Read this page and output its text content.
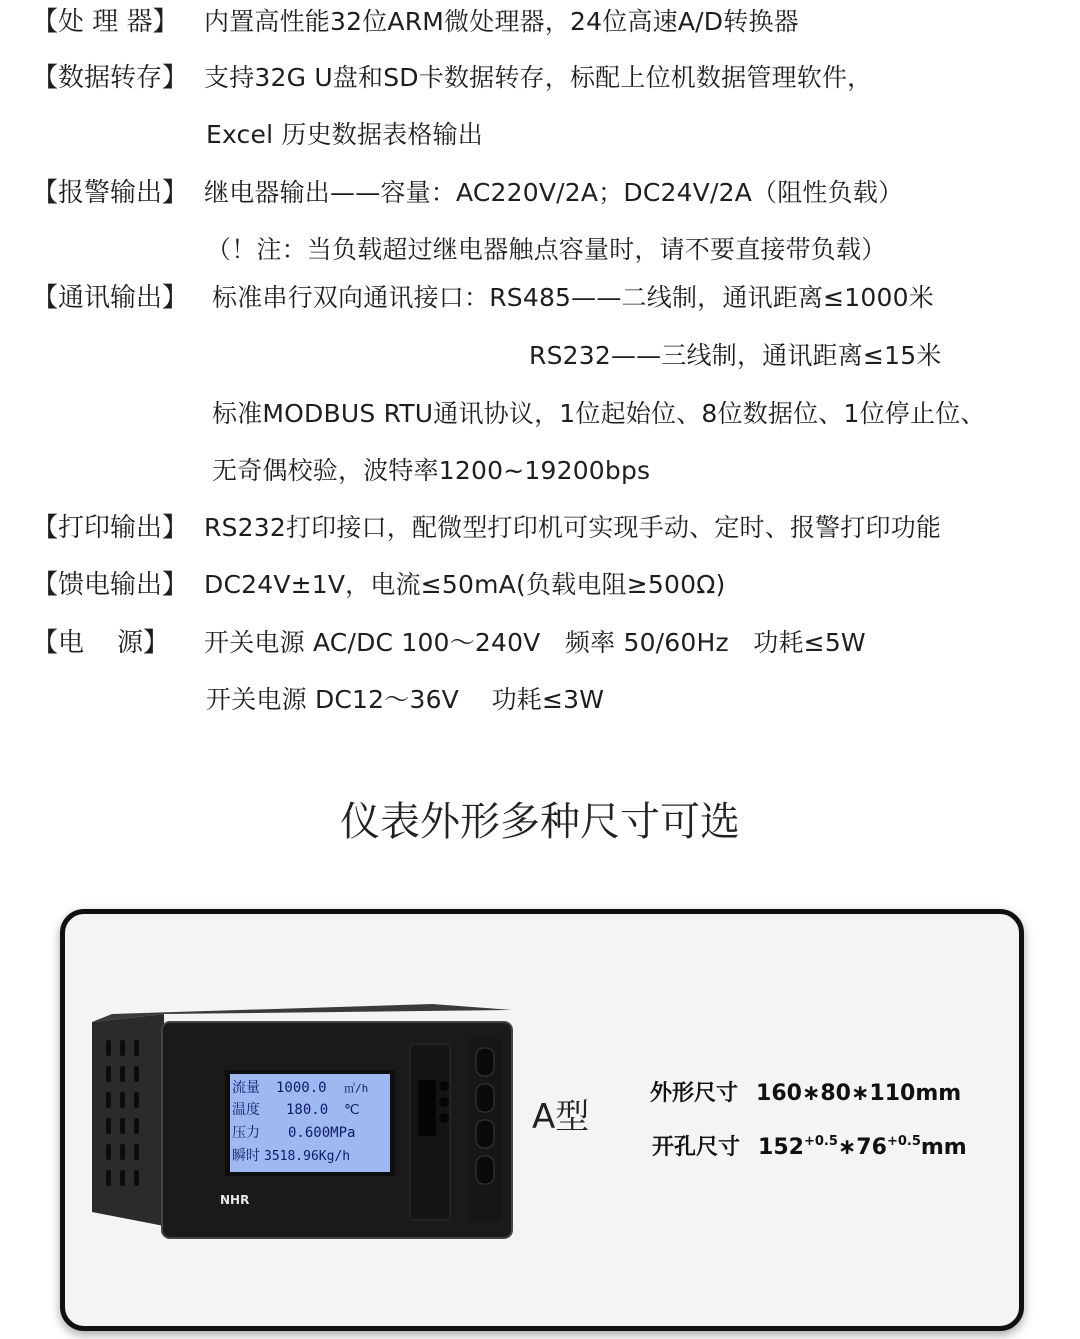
【处 理 器】 内置高性能32位ARM微处理器，24位高速A/D转换器
【数据转存】 支持32G U盘和SD卡数据转存，标配上位机数据管理软件，
Excel 历史数据表格输出
【报警输出】 继电器输出——容量：AC220V/2A；DC24V/2A（阻性负载）
（！注：当负载超过继电器触点容量时，请不要直接带负载）
【通讯输出】 标准串行双向通讯接口：RS485——二线制，通讯距离≤1000米
RS232——三线制，通讯距离≤15米
标准MODBUS RTU通讯协议，1位起始位、8位数据位、1位停止位、
无奇偶校验，波特率1200~19200bps
【打印输出】 RS232打印接口，配微型打印机可实现手动、定时、报警打印功能
【馈电输出】 DC24V±1V，电流≤50mA(负载电阻≥500Ω)
【电    源】 开关电源 AC/DC 100～240V   频率 50/60Hz   功耗≤5W
开关电源 DC12～36V    功耗≤3W
仪表外形多种尺寸可选
流量 1000.0 ㎥/h
温度 180.0 ℃
压力 0.600MPa
瞬时 3518.96Kg/h
NHR
A型
外形尺寸 160∗80∗110mm
开孔尺寸 $152^{+0.5}∗76^{+0.5}mm$
